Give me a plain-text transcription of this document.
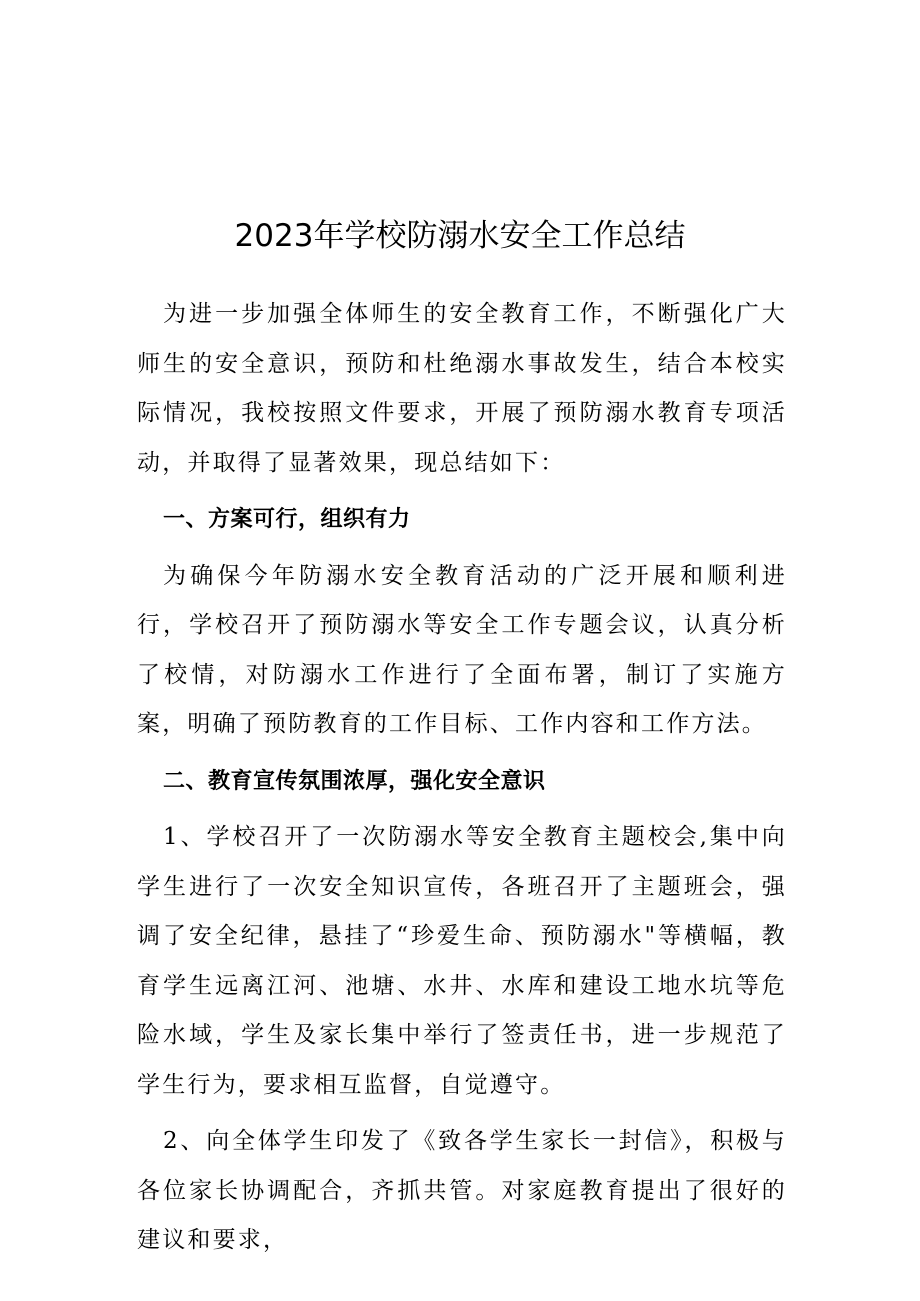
2023年学校防溺水安全工作总结

为进一步加强全体师生的安全教育工作，不断强化广大师生的安全意识，预防和杜绝溺水事故发生，结合本校实际情况，我校按照文件要求，开展了预防溺水教育专项活动，并取得了显著效果，现总结如下：

一、方案可行，组织有力

为确保今年防溺水安全教育活动的广泛开展和顺利进行，学校召开了预防溺水等安全工作专题会议，认真分析了校情，对防溺水工作进行了全面布署，制订了实施方案，明确了预防教育的工作目标、工作内容和工作方法。

二、教育宣传氛围浓厚，强化安全意识

1、学校召开了一次防溺水等安全教育主题校会,集中向学生进行了一次安全知识宣传，各班召开了主题班会，强调了安全纪律，悬挂了“珍爱生命、预防溺水"等横幅，教育学生远离江河、池塘、水井、水库和建设工地水坑等危险水域，学生及家长集中举行了签责任书，进一步规范了学生行为，要求相互监督，自觉遵守。

2、向全体学生印发了《致各学生家长一封信》，积极与各位家长协调配合，齐抓共管。对家庭教育提出了很好的建议和要求，
